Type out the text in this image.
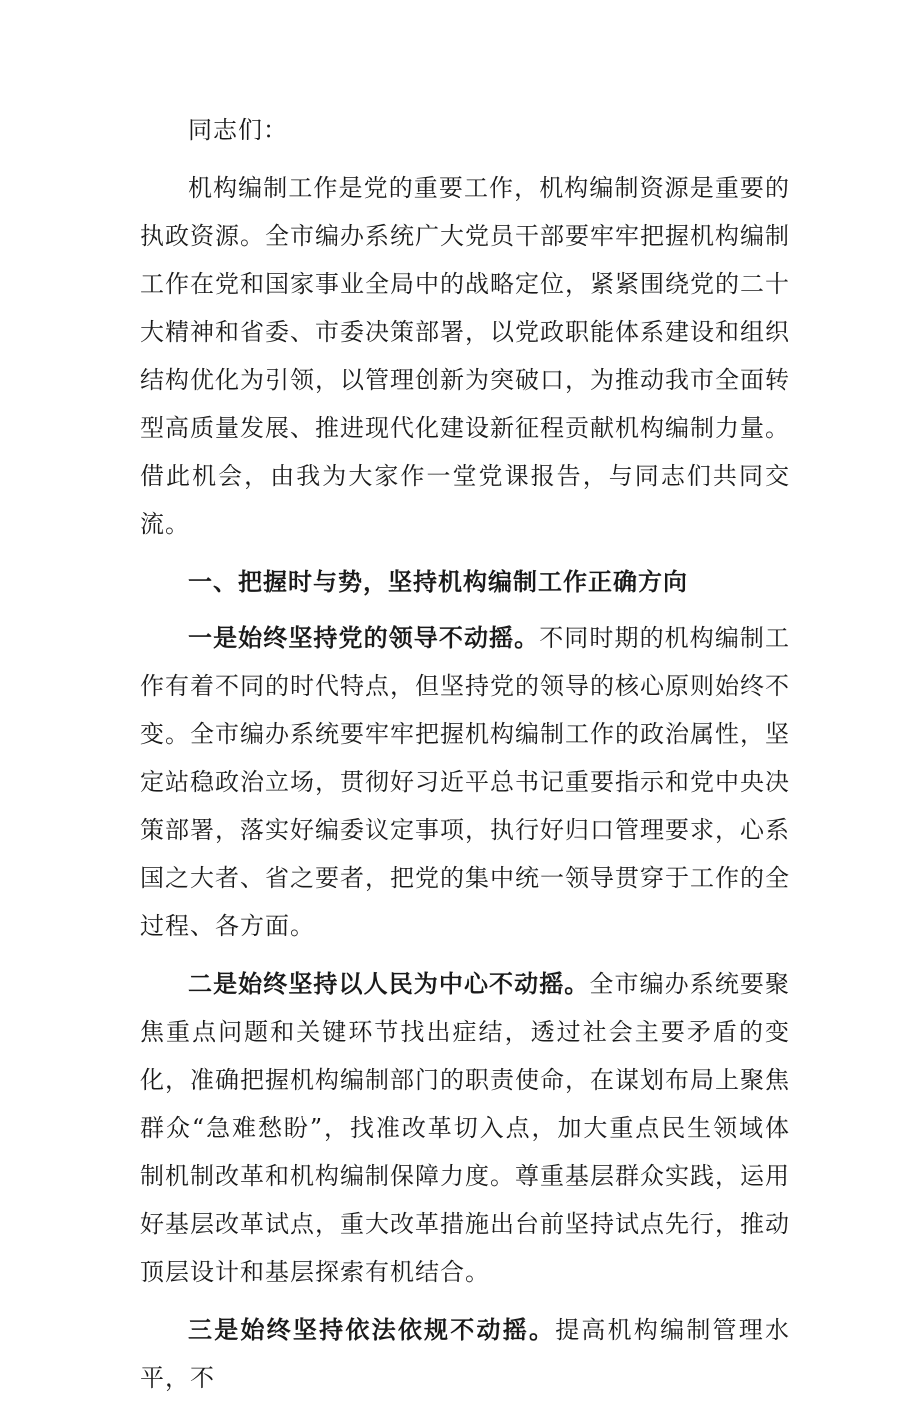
同志们：

机构编制工作是党的重要工作，机构编制资源是重要的执政资源。全市编办系统广大党员干部要牢牢把握机构编制工作在党和国家事业全局中的战略定位，紧紧围绕党的二十大精神和省委、市委决策部署，以党政职能体系建设和组织结构优化为引领，以管理创新为突破口，为推动我市全面转型高质量发展、推进现代化建设新征程贡献机构编制力量。借此机会，由我为大家作一堂党课报告，与同志们共同交流。

一、把握时与势，坚持机构编制工作正确方向

一是始终坚持党的领导不动摇。不同时期的机构编制工作有着不同的时代特点，但坚持党的领导的核心原则始终不变。全市编办系统要牢牢把握机构编制工作的政治属性，坚定站稳政治立场，贯彻好习近平总书记重要指示和党中央决策部署，落实好编委议定事项，执行好归口管理要求，心系国之大者、省之要者，把党的集中统一领导贯穿于工作的全过程、各方面。

二是始终坚持以人民为中心不动摇。全市编办系统要聚焦重点问题和关键环节找出症结，透过社会主要矛盾的变化，准确把握机构编制部门的职责使命，在谋划布局上聚焦群众“急难愁盼”，找准改革切入点，加大重点民生领域体制机制改革和机构编制保障力度。尊重基层群众实践，运用好基层改革试点，重大改革措施出台前坚持试点先行，推动顶层设计和基层探索有机结合。

三是始终坚持依法依规不动摇。提高机构编制管理水平，不
